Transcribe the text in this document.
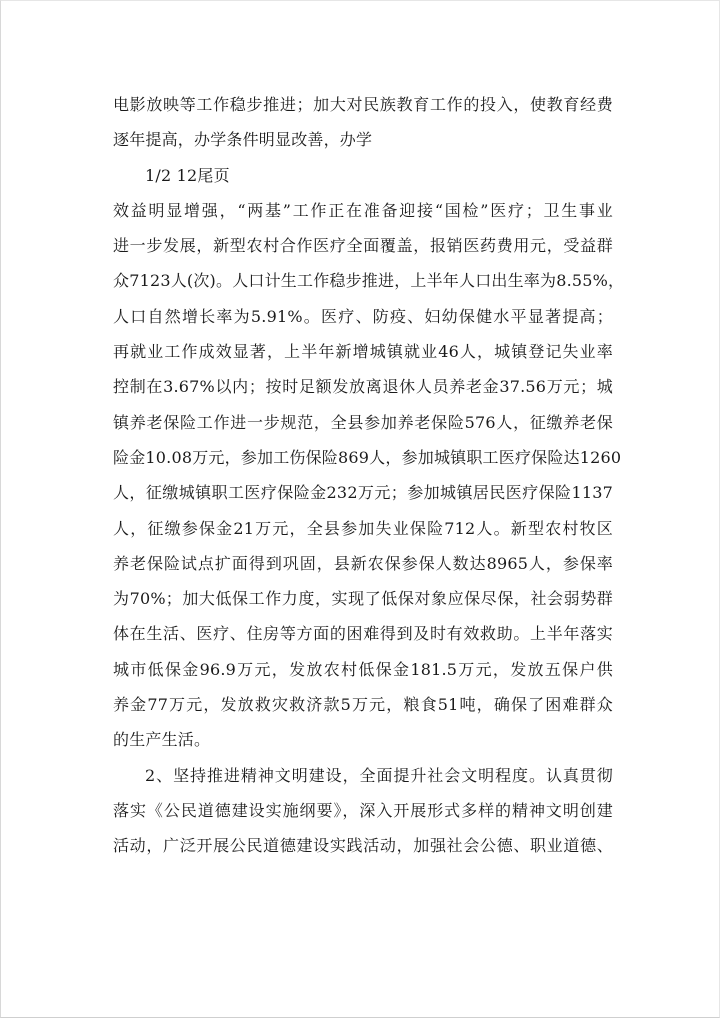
电影放映等工作稳步推进；加大对民族教育工作的投入，使教育经费
逐年提高，办学条件明显改善，办学
1/2 12尾页
效益明显增强，“两基”工作正在准备迎接“国检”医疗；卫生事业
进一步发展，新型农村合作医疗全面覆盖，报销医药费用元，受益群
众7123人(次)。人口计生工作稳步推进，上半年人口出生率为8.55%，
人口自然增长率为5.91%。医疗、防疫、妇幼保健水平显著提高；
再就业工作成效显著，上半年新增城镇就业46人，城镇登记失业率
控制在3.67%以内；按时足额发放离退休人员养老金37.56万元；城
镇养老保险工作进一步规范，全县参加养老保险576人，征缴养老保
险金10.08万元，参加工伤保险869人，参加城镇职工医疗保险达1260
人，征缴城镇职工医疗保险金232万元；参加城镇居民医疗保险1137
人，征缴参保金21万元，全县参加失业保险712人。新型农村牧区
养老保险试点扩面得到巩固，县新农保参保人数达8965人，参保率
为70%；加大低保工作力度，实现了低保对象应保尽保，社会弱势群
体在生活、医疗、住房等方面的困难得到及时有效救助。上半年落实
城市低保金96.9万元，发放农村低保金181.5万元，发放五保户供
养金77万元，发放救灾救济款5万元，粮食51吨，确保了困难群众
的生产生活。
2、坚持推进精神文明建设，全面提升社会文明程度。认真贯彻
落实《公民道德建设实施纲要》，深入开展形式多样的精神文明创建
活动，广泛开展公民道德建设实践活动，加强社会公德、职业道德、
